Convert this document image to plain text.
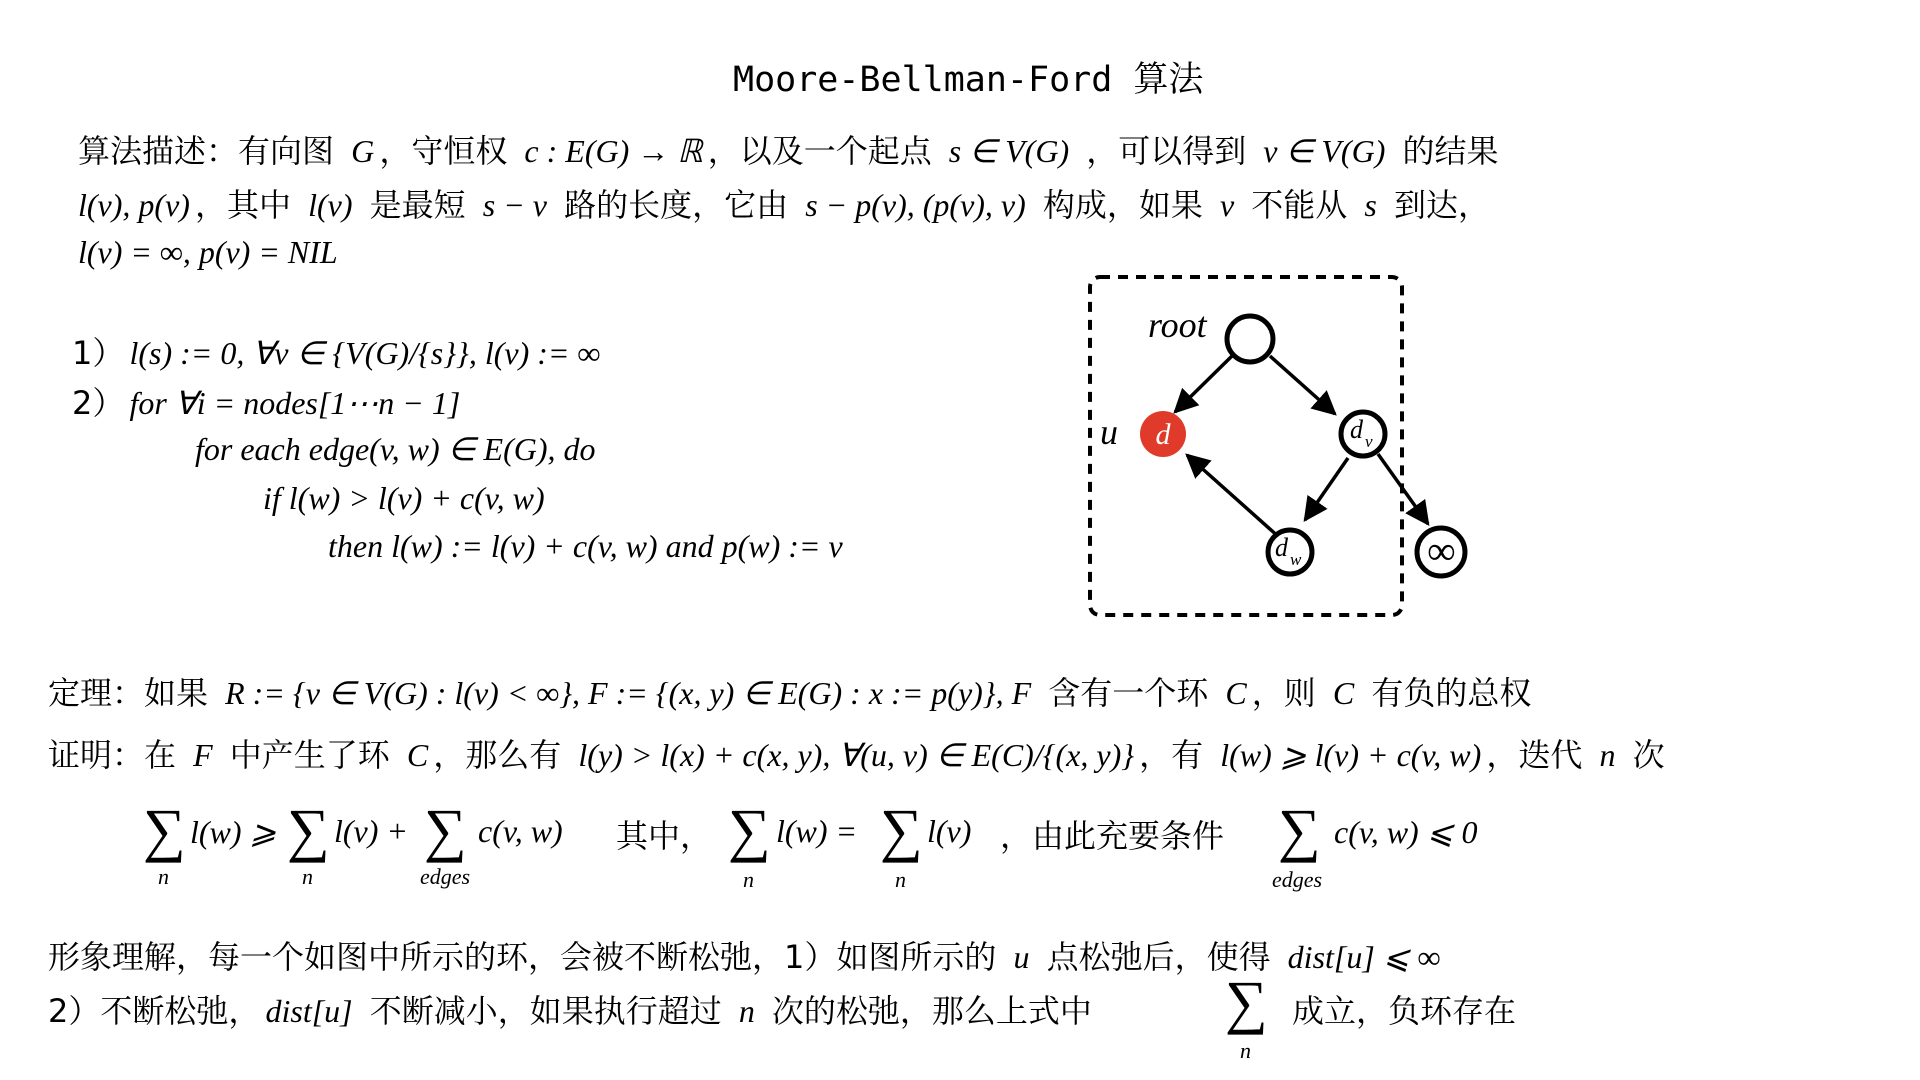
Moore-Bellman-Ford 算法
算法描述：有向图 G ，守恒权 c : E(G) → ℝ ，以及一个起点 s ∈ V(G) ，可以得到 v ∈ V(G) 的结果
l(v), p(v) ，其中 l(v) 是最短 s − v 路的长度，它由 s − p(v), (p(v), v) 构成，如果 v 不能从 s 到达，
l(v) = ∞, p(v) = NIL
1） l(s) := 0, ∀v ∈ {V(G)/{s}}, l(v) := ∞
2） for ∀i = nodes[1⋯n − 1]
for each edge(v, w) ∈ E(G), do
if l(w) > l(v) + c(v, w)
then l(w) := l(v) + c(v, w) and p(w) := v
root
u d	d v
d w	∞
定理：如果 R := {v ∈ V(G) : l(v) < ∞}, F := {(x, y) ∈ E(G) : x := p(y)}, F 含有一个环 C ，则 C 有负的总权
证明：在 F 中产生了环 C ，那么有 l(y) > l(x) + c(x, y), ∀(u, v) ∈ E(C)/{(x, y)} ，有 l(w) ⩾ l(v) + c(v, w) ，迭代 n 次
∑
n
l(w) ⩾ ∑
n
l(v) + ∑
edges
c(v, w) 其中， ∑
n
l(w) = ∑
n
l(v) ，由此充要条件 ∑
edges
c(v, w) ⩽ 0
形象理解，每一个如图中所示的环，会被不断松弛，1）如图所示的 u 点松弛后，使得 dist[u] ⩽ ∞
2）不断松弛， dist[u] 不断减小，如果执行超过 n 次的松弛，那么上式中 ∑
n
成立，负环存在
